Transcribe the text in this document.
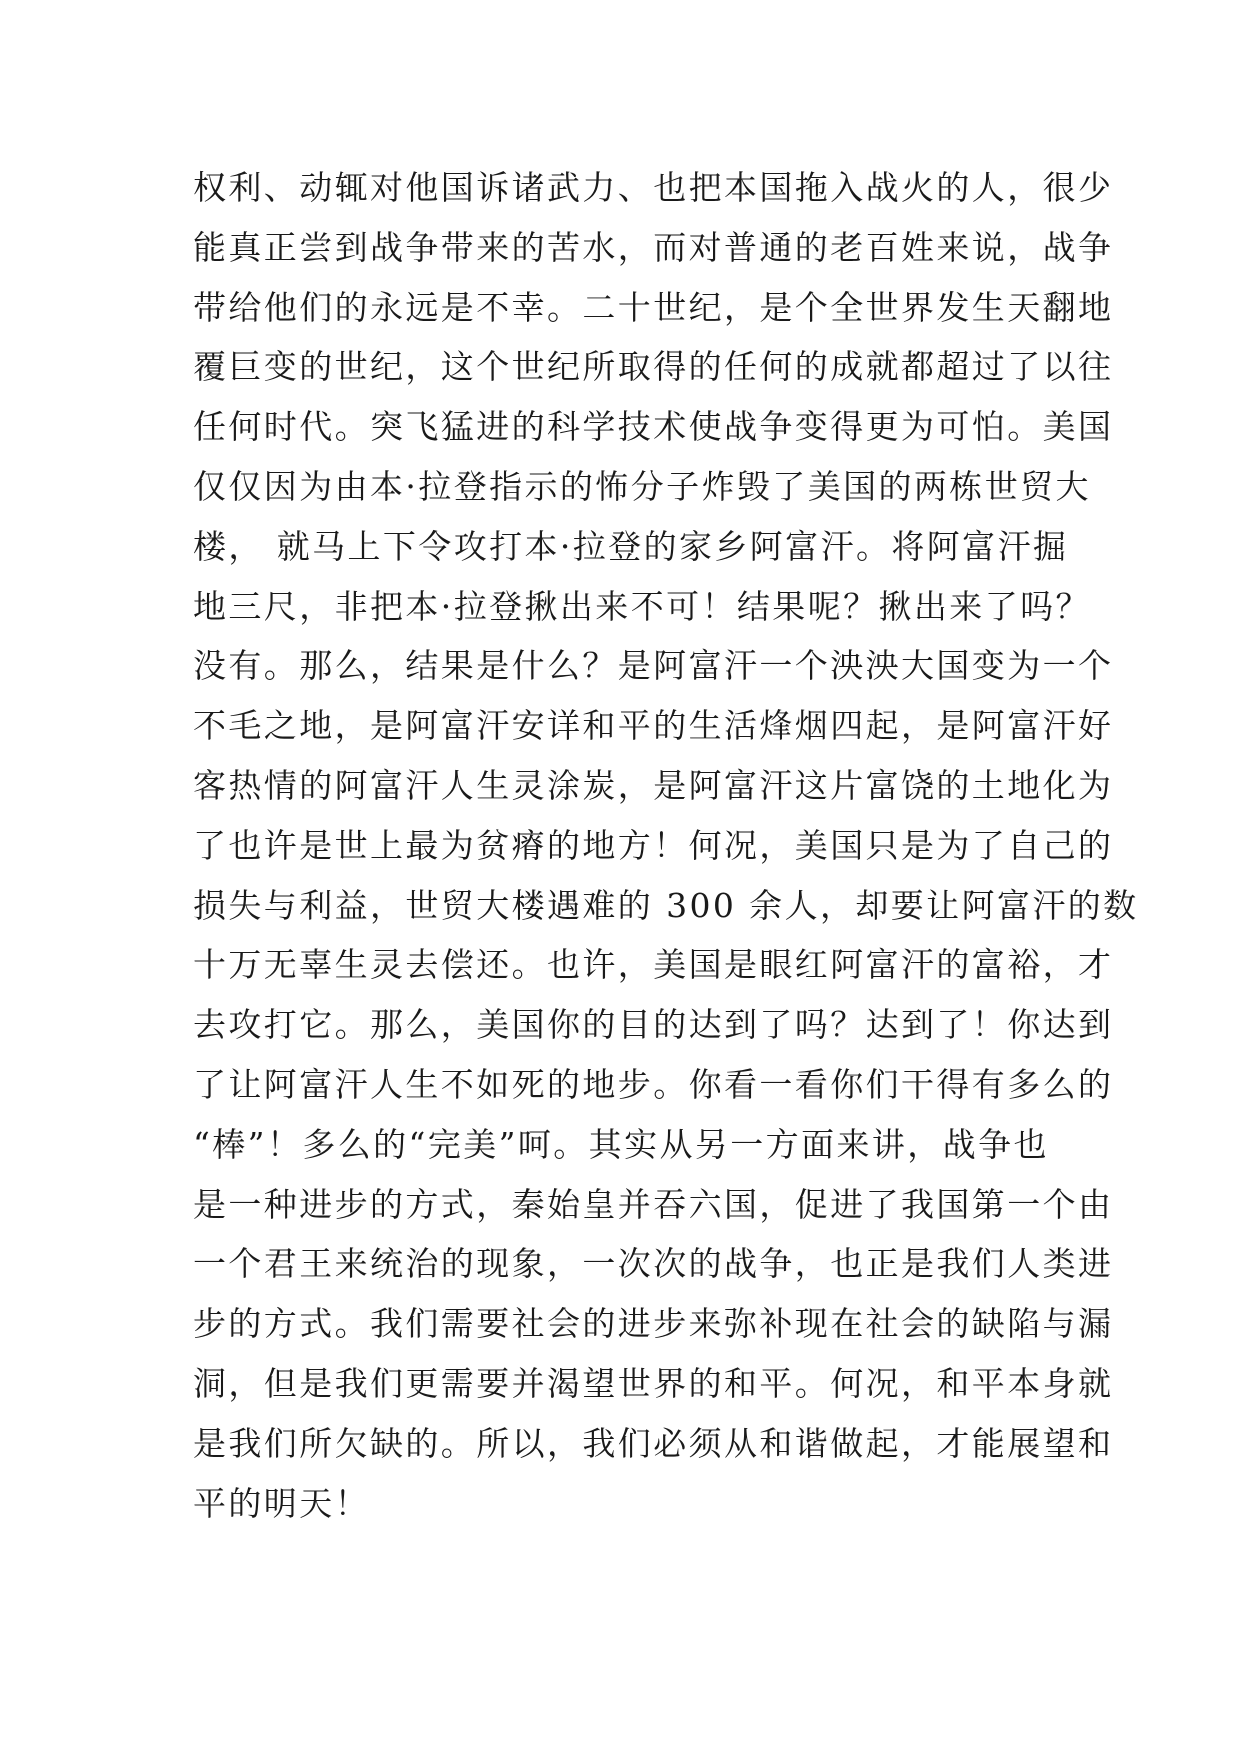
权利、动辄对他国诉诸武力、也把本国拖入战火的人，很少
能真正尝到战争带来的苦水，而对普通的老百姓来说，战争
带给他们的永远是不幸。二十世纪，是个全世界发生天翻地
覆巨变的世纪，这个世纪所取得的任何的成就都超过了以往
任何时代。突飞猛进的科学技术使战争变得更为可怕。美国
仅仅因为由本·拉登指示的怖分子炸毁了美国的两栋世贸大
楼， 就马上下令攻打本·拉登的家乡阿富汗。将阿富汗掘
地三尺，非把本·拉登揪出来不可！结果呢？揪出来了吗？
没有。那么，结果是什么？是阿富汗一个泱泱大国变为一个
不毛之地，是阿富汗安详和平的生活烽烟四起，是阿富汗好
客热情的阿富汗人生灵涂炭，是阿富汗这片富饶的土地化为
了也许是世上最为贫瘠的地方！何况，美国只是为了自己的
损失与利益，世贸大楼遇难的 300 余人，却要让阿富汗的数
十万无辜生灵去偿还。也许，美国是眼红阿富汗的富裕，才
去攻打它。那么，美国你的目的达到了吗？达到了！你达到
了让阿富汗人生不如死的地步。你看一看你们干得有多么的
“棒”！多么的“完美”呵。其实从另一方面来讲，战争也
是一种进步的方式，秦始皇并吞六国，促进了我国第一个由
一个君王来统治的现象，一次次的战争，也正是我们人类进
步的方式。我们需要社会的进步来弥补现在社会的缺陷与漏
洞，但是我们更需要并渴望世界的和平。何况，和平本身就
是我们所欠缺的。所以，我们必须从和谐做起，才能展望和
平的明天！
